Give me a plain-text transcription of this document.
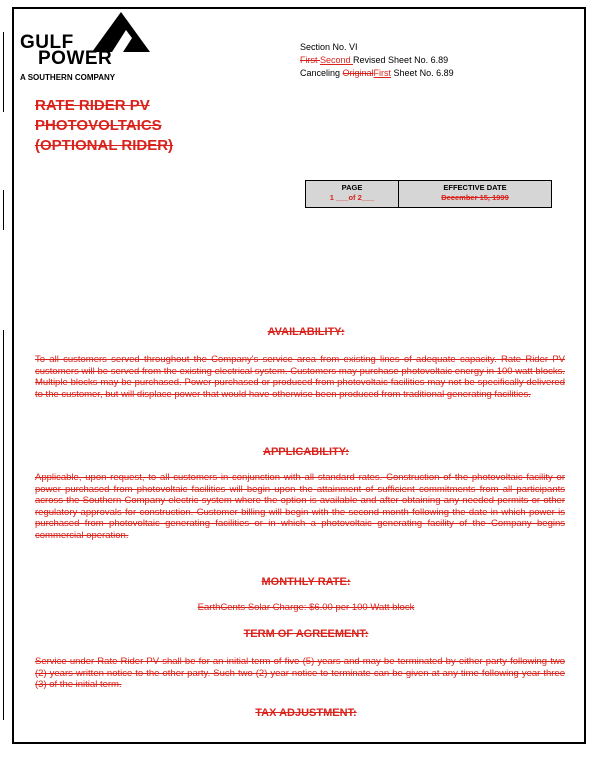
GULF
POWER
A SOUTHERN COMPANY
Section No. VI
First Second Revised Sheet No. 6.89
Canceling OriginalFirst Sheet No. 6.89
RATE RIDER PV
PHOTOVOLTAICS
(OPTIONAL RIDER)
PAGE
1 ___of 2___
EFFECTIVE DATE
December 15, 1999
AVAILABILITY:
To all customers served throughout the Company's service area from existing lines of adequate capacity. Rate Rider PV customers will be served from the existing electrical system. Customers may purchase photovoltaic energy in 100 watt blocks. Multiple blocks may be purchased. Power purchased or produced from photovoltaic facilities may not be specifically delivered to the customer, but will displace power that would have otherwise been produced from traditional generating facilities.
APPLICABILITY:
Applicable, upon request, to all customers in conjunction with all standard rates. Construction of the photovoltaic facility or power purchased from photovoltaic facilities will begin upon the attainment of sufficient commitments from all participants across the Southern Company electric system where the option is available and after obtaining any needed permits or other regulatory approvals for construction. Customer billing will begin with the second month following the date in which power is purchased from photovoltaic generating facilities or in which a photovoltaic generating facility of the Company begins commercial operation.
MONTHLY RATE:
EarthCents Solar Charge: $6.00 per 100 Watt block
TERM OF AGREEMENT:
Service under Rate Rider PV shall be for an initial term of five (5) years and may be terminated by either party following two (2) years written notice to the other party. Such two (2) year notice to terminate can be given at any time following year three (3) of the initial term.
TAX ADJUSTMENT:
